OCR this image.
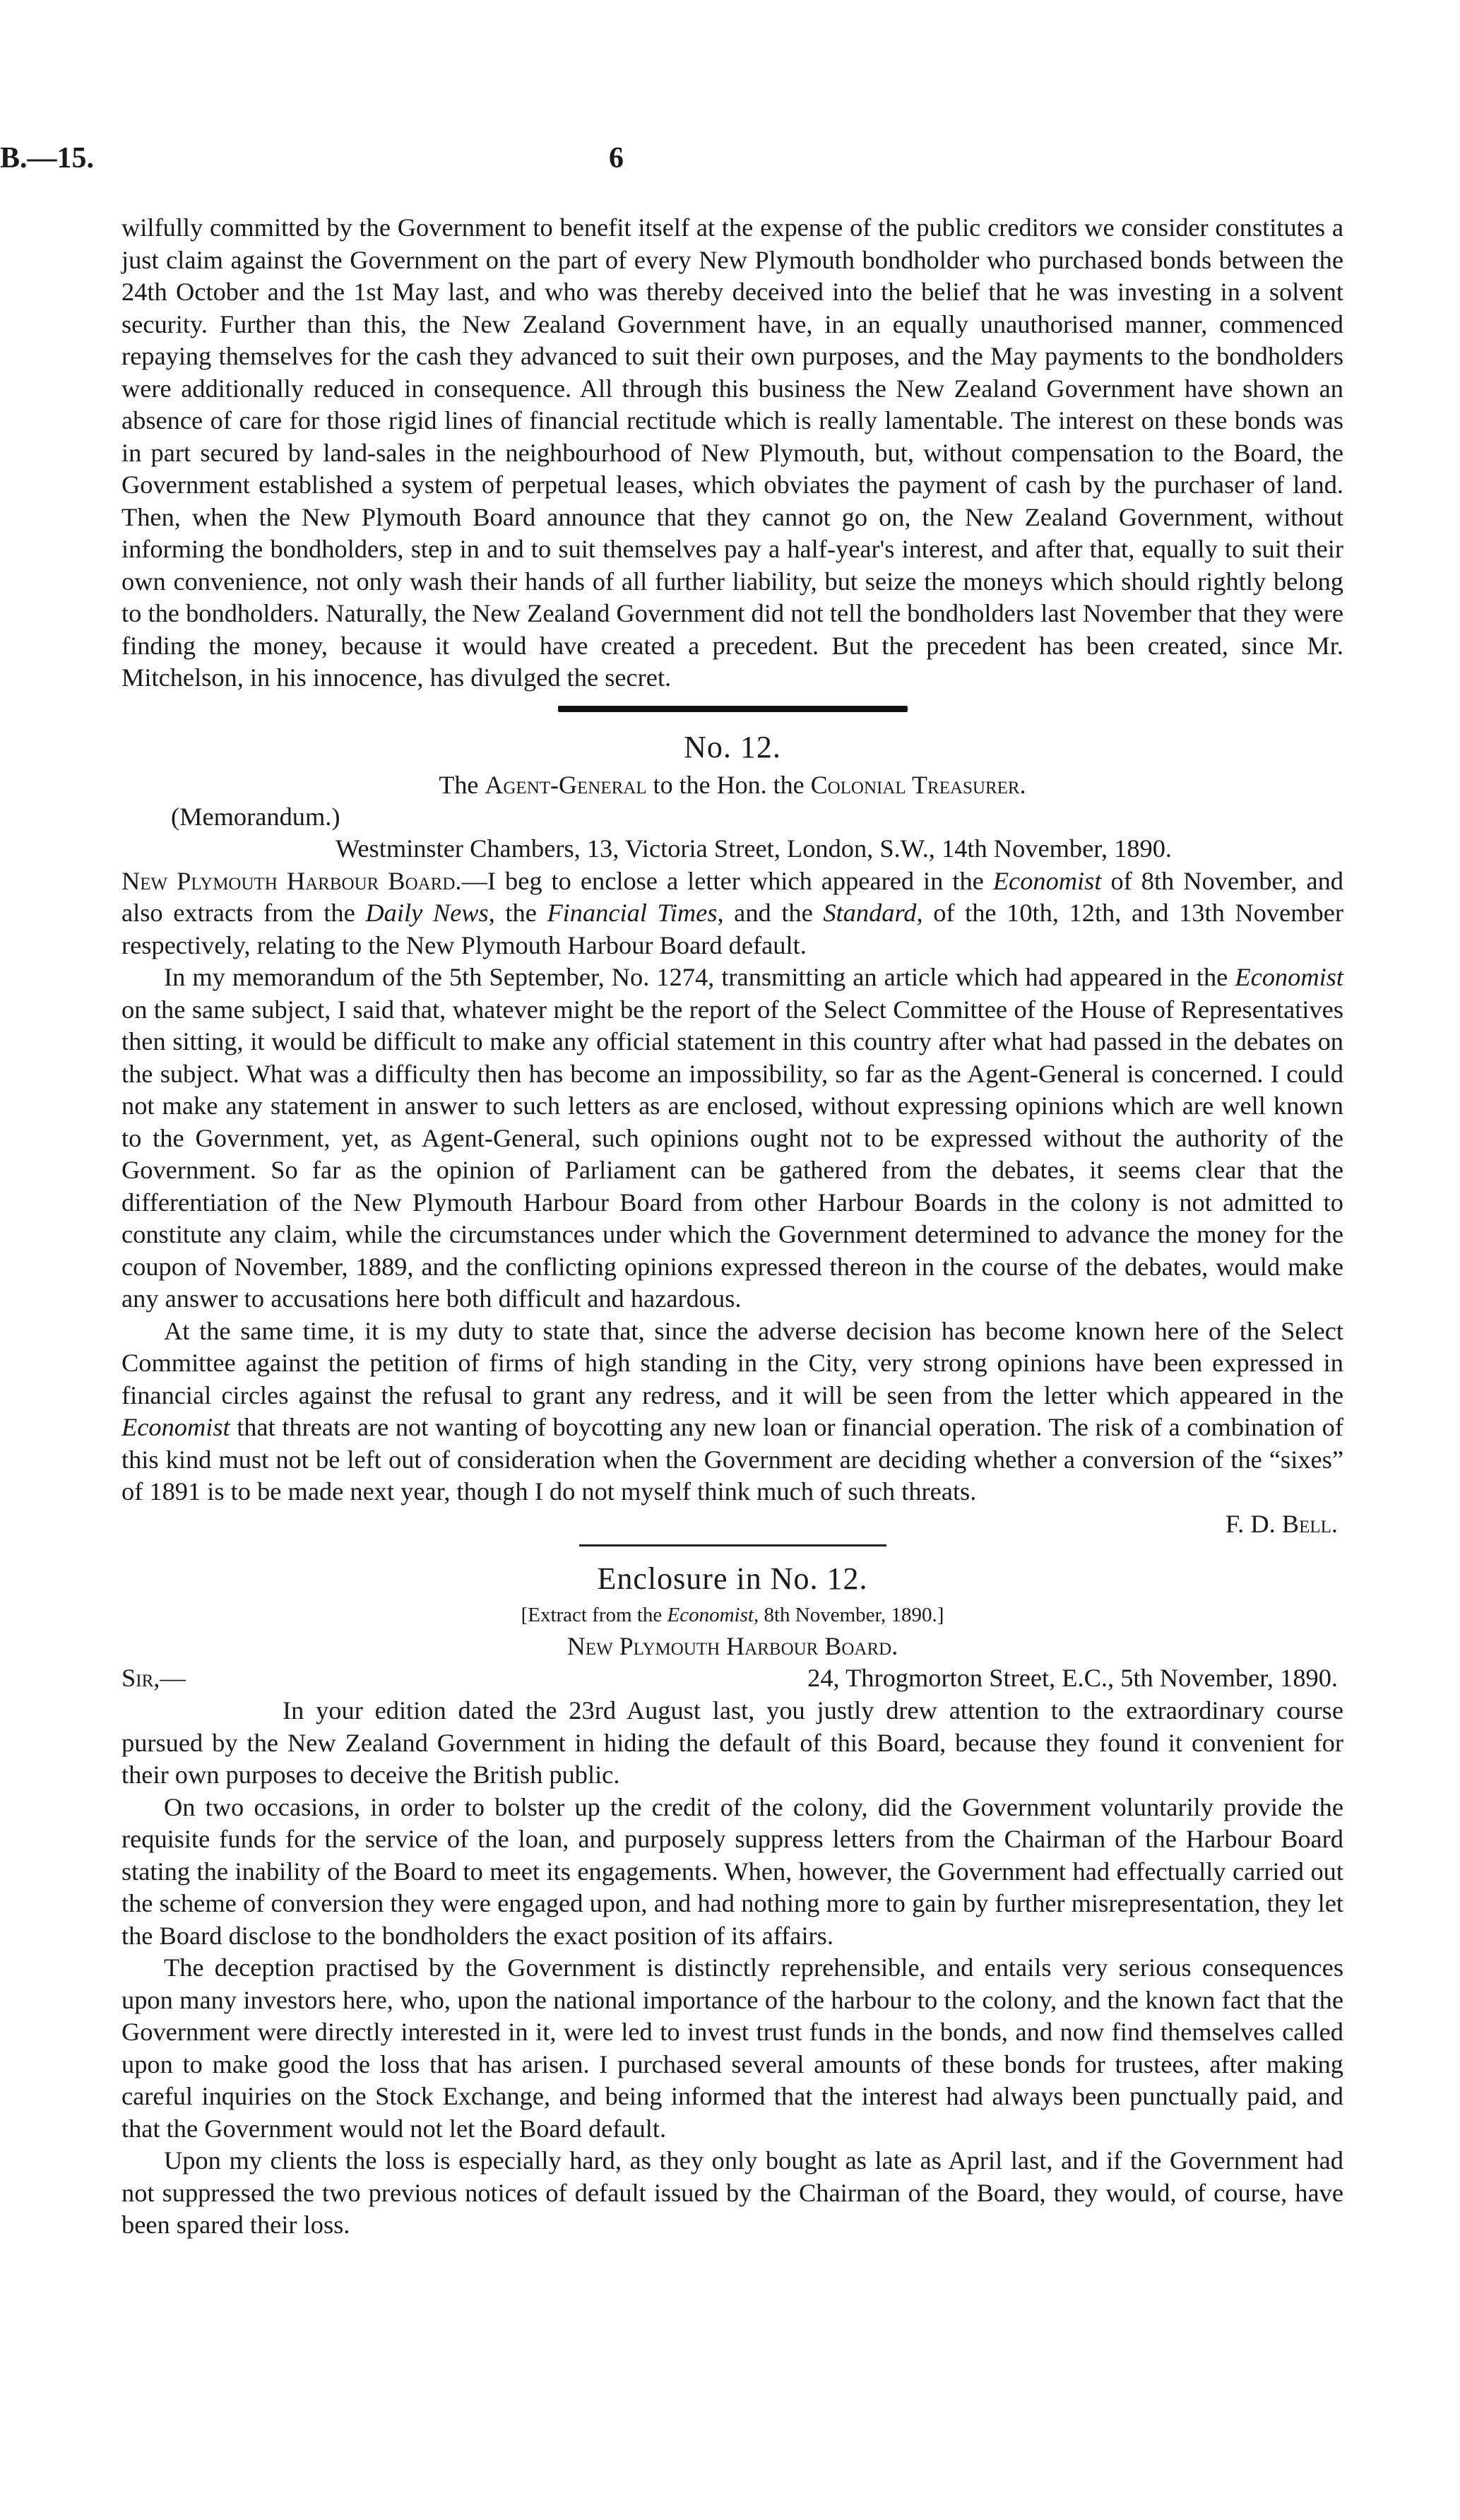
B.—15.	6

wilfully committed by the Government to benefit itself at the expense of the public creditors we consider constitutes a just claim against the Government on the part of every New Plymouth bondholder who purchased bonds between the 24th October and the 1st May last, and who was thereby deceived into the belief that he was investing in a solvent security. Further than this, the New Zealand Government have, in an equally unauthorised manner, commenced repaying themselves for the cash they advanced to suit their own purposes, and the May payments to the bondholders were additionally reduced in consequence. All through this business the New Zealand Government have shown an absence of care for those rigid lines of financial rectitude which is really lamentable. The interest on these bonds was in part secured by land-sales in the neighbourhood of New Plymouth, but, without compensation to the Board, the Government established a system of perpetual leases, which obviates the payment of cash by the purchaser of land. Then, when the New Plymouth Board announce that they cannot go on, the New Zealand Government, without informing the bondholders, step in and to suit themselves pay a half-year's interest, and after that, equally to suit their own convenience, not only wash their hands of all further liability, but seize the moneys which should rightly belong to the bondholders. Naturally, the New Zealand Government did not tell the bondholders last November that they were finding the money, because it would have created a precedent. But the precedent has been created, since Mr. Mitchelson, in his innocence, has divulged the secret.

No. 12.
The Agent-General to the Hon. the Colonial Treasurer.

(Memorandum.)

Westminster Chambers, 13, Victoria Street, London, S.W., 14th November, 1890.

New Plymouth Harbour Board.—I beg to enclose a letter which appeared in the Economist of 8th November, and also extracts from the Daily News, the Financial Times, and the Standard, of the 10th, 12th, and 13th November respectively, relating to the New Plymouth Harbour Board default.

In my memorandum of the 5th September, No. 1274, transmitting an article which had appeared in the Economist on the same subject, I said that, whatever might be the report of the Select Committee of the House of Representatives then sitting, it would be difficult to make any official statement in this country after what had passed in the debates on the subject. What was a difficulty then has become an impossibility, so far as the Agent-General is concerned. I could not make any statement in answer to such letters as are enclosed, without expressing opinions which are well known to the Government, yet, as Agent-General, such opinions ought not to be expressed without the authority of the Government. So far as the opinion of Parliament can be gathered from the debates, it seems clear that the differentiation of the New Plymouth Harbour Board from other Harbour Boards in the colony is not admitted to constitute any claim, while the circumstances under which the Government determined to advance the money for the coupon of November, 1889, and the conflicting opinions expressed thereon in the course of the debates, would make any answer to accusations here both difficult and hazardous.

At the same time, it is my duty to state that, since the adverse decision has become known here of the Select Committee against the petition of firms of high standing in the City, very strong opinions have been expressed in financial circles against the refusal to grant any redress, and it will be seen from the letter which appeared in the Economist that threats are not wanting of boycotting any new loan or financial operation. The risk of a combination of this kind must not be left out of consideration when the Government are deciding whether a conversion of the “sixes” of 1891 is to be made next year, though I do not myself think much of such threats.

F. D. Bell.

Enclosure in No. 12.
[Extract from the Economist, 8th November, 1890.]
New Plymouth Harbour Board.
Sir,—	24, Throgmorton Street, E.C., 5th November, 1890.

In your edition dated the 23rd August last, you justly drew attention to the extraordinary course pursued by the New Zealand Government in hiding the default of this Board, because they found it convenient for their own purposes to deceive the British public.

On two occasions, in order to bolster up the credit of the colony, did the Government voluntarily provide the requisite funds for the service of the loan, and purposely suppress letters from the Chairman of the Harbour Board stating the inability of the Board to meet its engagements. When, however, the Government had effectually carried out the scheme of conversion they were engaged upon, and had nothing more to gain by further misrepresentation, they let the Board disclose to the bondholders the exact position of its affairs.

The deception practised by the Government is distinctly reprehensible, and entails very serious consequences upon many investors here, who, upon the national importance of the harbour to the colony, and the known fact that the Government were directly interested in it, were led to invest trust funds in the bonds, and now find themselves called upon to make good the loss that has arisen. I purchased several amounts of these bonds for trustees, after making careful inquiries on the Stock Exchange, and being informed that the interest had always been punctually paid, and that the Government would not let the Board default.

Upon my clients the loss is especially hard, as they only bought as late as April last, and if the Government had not suppressed the two previous notices of default issued by the Chairman of the Board, they would, of course, have been spared their loss.
